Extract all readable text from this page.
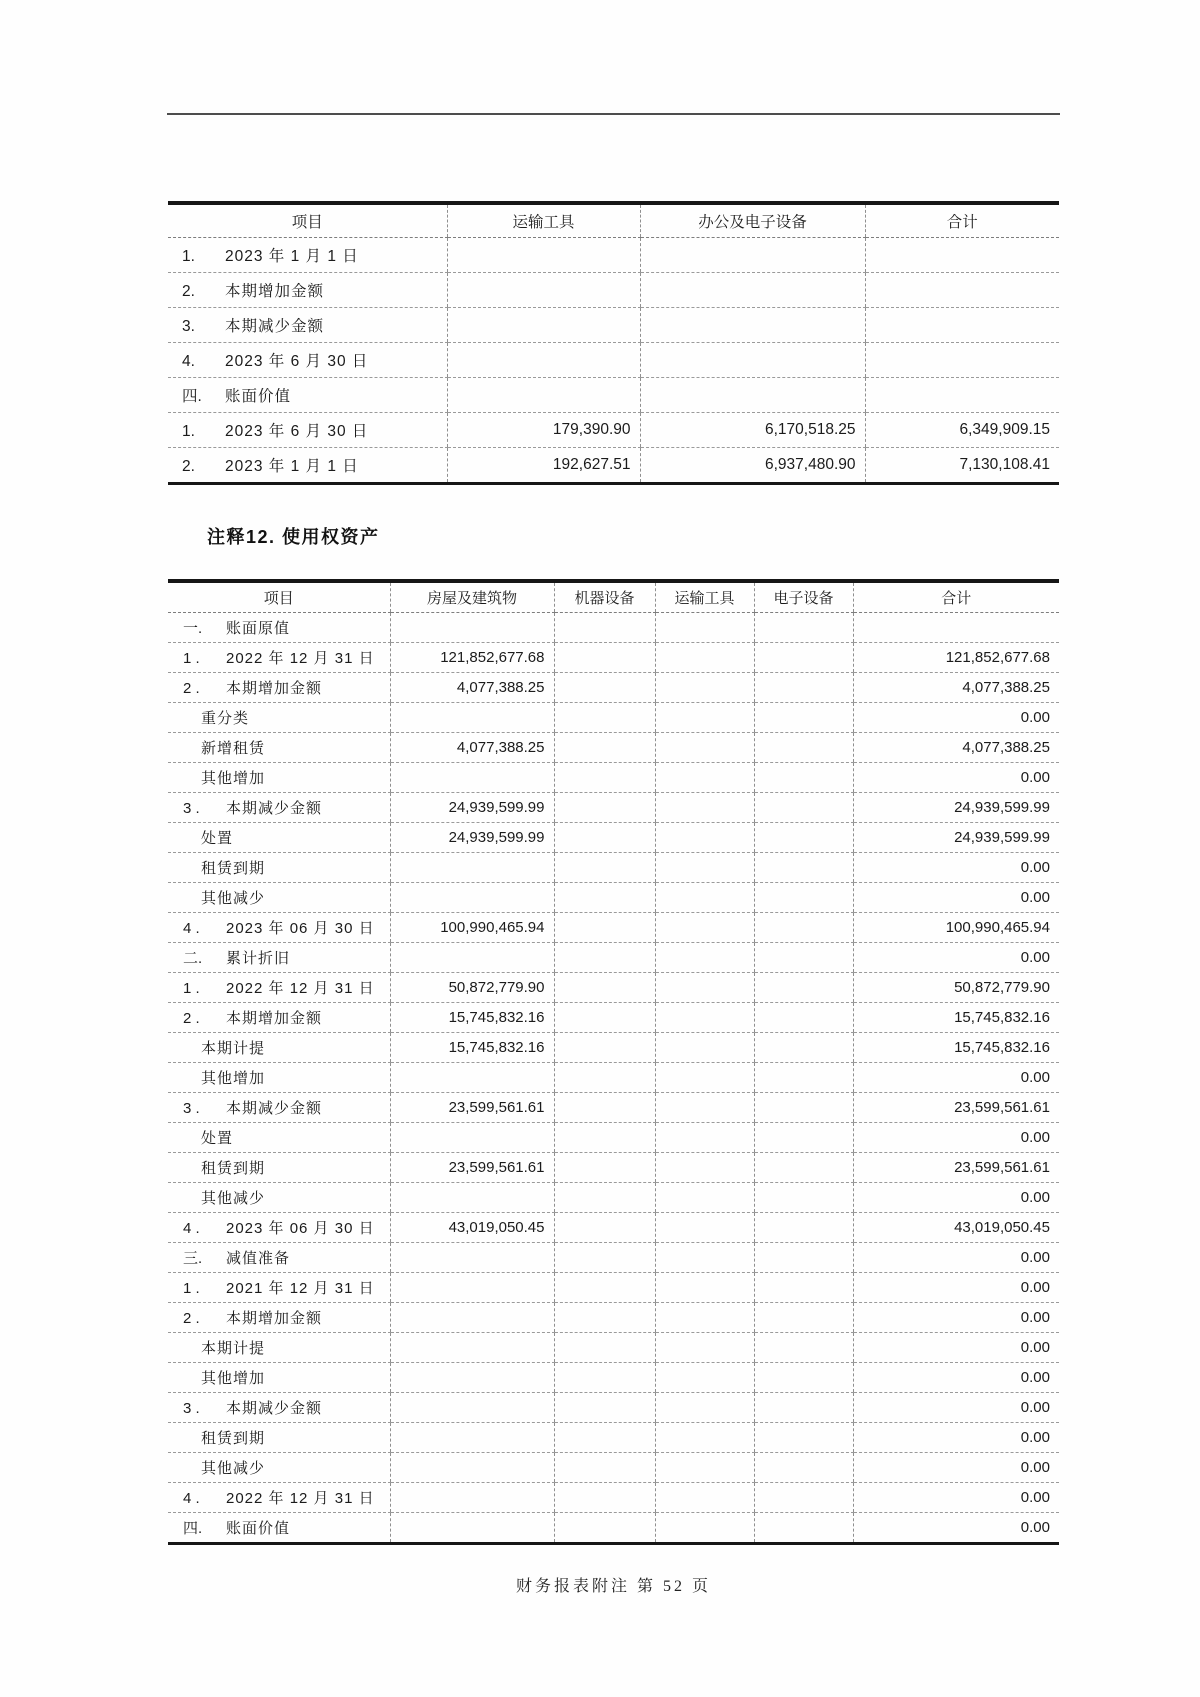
项目	运输工具	办公及电子设备	合计
1. 2023 年 1 月 1 日			
2. 本期增加金额			
3. 本期减少金额			
4. 2023 年 6 月 30 日			
四. 账面价值			
1. 2023 年 6 月 30 日	179,390.90	6,170,518.25	6,349,909.15
2. 2023 年 1 月 1 日	192,627.51	6,937,480.90	7,130,108.41
注释12. 使用权资产
项目	房屋及建筑物	机器设备	运输工具	电子设备	合计
一. 账面原值					
1 . 2022 年 12 月 31 日	121,852,677.68				121,852,677.68
2 . 本期增加金额	4,077,388.25				4,077,388.25
重分类					0.00
新增租赁	4,077,388.25				4,077,388.25
其他增加					0.00
3 . 本期减少金额	24,939,599.99				24,939,599.99
处置	24,939,599.99				24,939,599.99
租赁到期					0.00
其他减少					0.00
4 . 2023 年 06 月 30 日	100,990,465.94				100,990,465.94
二. 累计折旧					0.00
1 . 2022 年 12 月 31 日	50,872,779.90				50,872,779.90
2 . 本期增加金额	15,745,832.16				15,745,832.16
本期计提	15,745,832.16				15,745,832.16
其他增加					0.00
3 . 本期减少金额	23,599,561.61				23,599,561.61
处置					0.00
租赁到期	23,599,561.61				23,599,561.61
其他减少					0.00
4 . 2023 年 06 月 30 日	43,019,050.45				43,019,050.45
三. 减值准备					0.00
1 . 2021 年 12 月 31 日					0.00
2 . 本期增加金额					0.00
本期计提					0.00
其他增加					0.00
3 . 本期减少金额					0.00
租赁到期					0.00
其他减少					0.00
4 . 2022 年 12 月 31 日					0.00
四. 账面价值					0.00
财务报表附注 第 52 页
